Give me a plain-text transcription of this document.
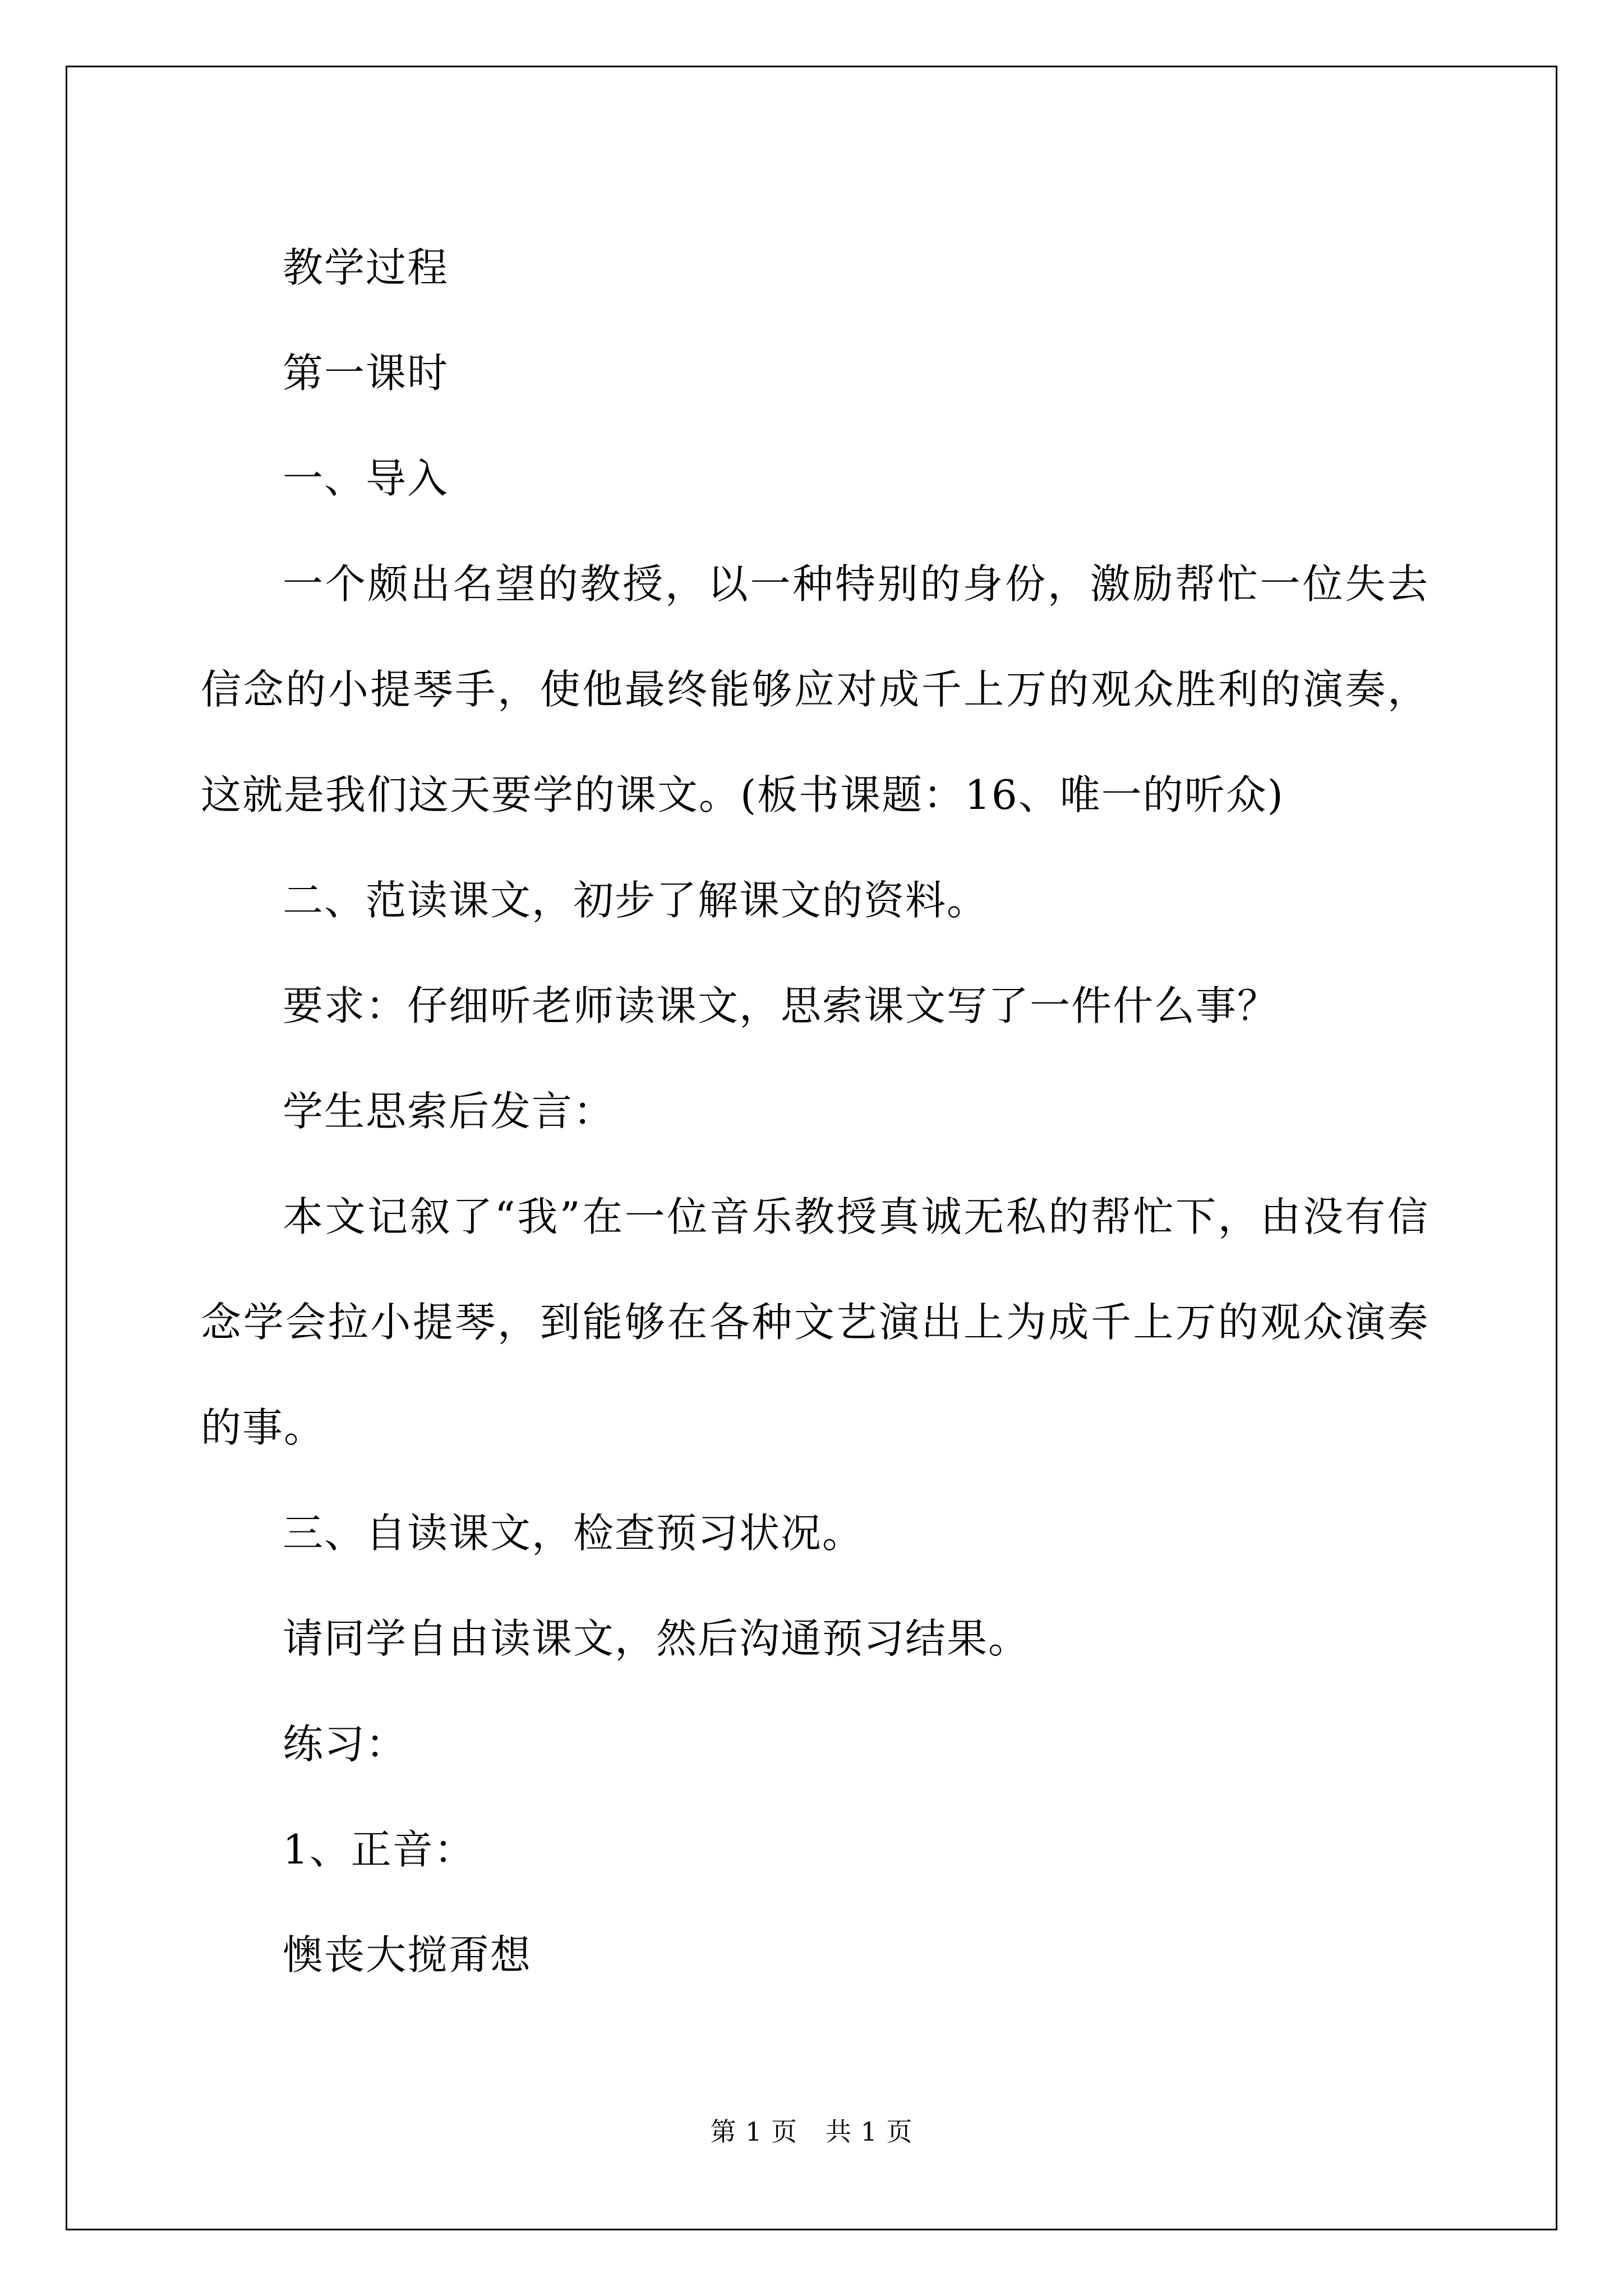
教学过程

第一课时

一、导入

一个颇出名望的教授，以一种特别的身份，激励帮忙一位失去信念的小提琴手，使他最终能够应对成千上万的观众胜利的演奏，这就是我们这天要学的课文。(板书课题：16、唯一的听众)

二、范读课文，初步了解课文的资料。

要求：仔细听老师读课文，思索课文写了一件什么事？

学生思索后发言：

本文记叙了“我”在一位音乐教授真诚无私的帮忙下，由没有信念学会拉小提琴，到能够在各种文艺演出上为成千上万的观众演奏的事。

三、自读课文，检查预习状况。

请同学自由读课文，然后沟通预习结果。

练习：

1、正音：

懊丧大搅甭想

第 1 页 共 1 页
